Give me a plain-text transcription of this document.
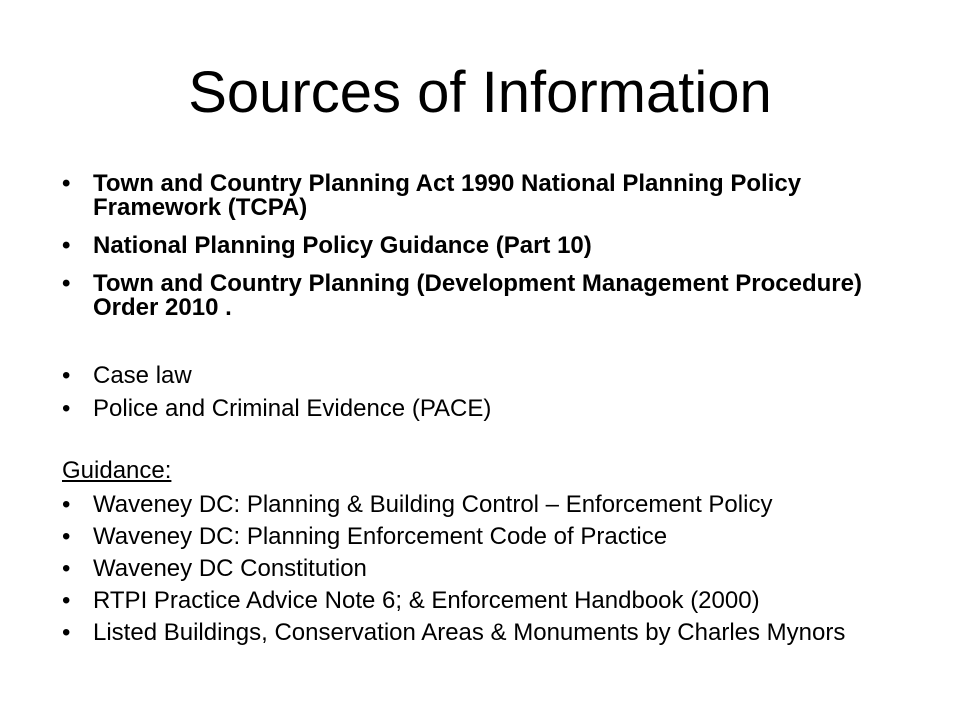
Sources of Information
• Town and Country Planning Act 1990 National Planning Policy Framework (TCPA)
• National Planning Policy Guidance (Part 10)
• Town and Country Planning (Development Management Procedure) Order 2010 .
• Case law
• Police and Criminal Evidence (PACE)
Guidance:
• Waveney DC: Planning & Building Control – Enforcement Policy
• Waveney DC: Planning Enforcement Code of Practice
• Waveney DC Constitution
• RTPI Practice Advice Note 6; & Enforcement Handbook (2000)
• Listed Buildings, Conservation Areas & Monuments by Charles Mynors
